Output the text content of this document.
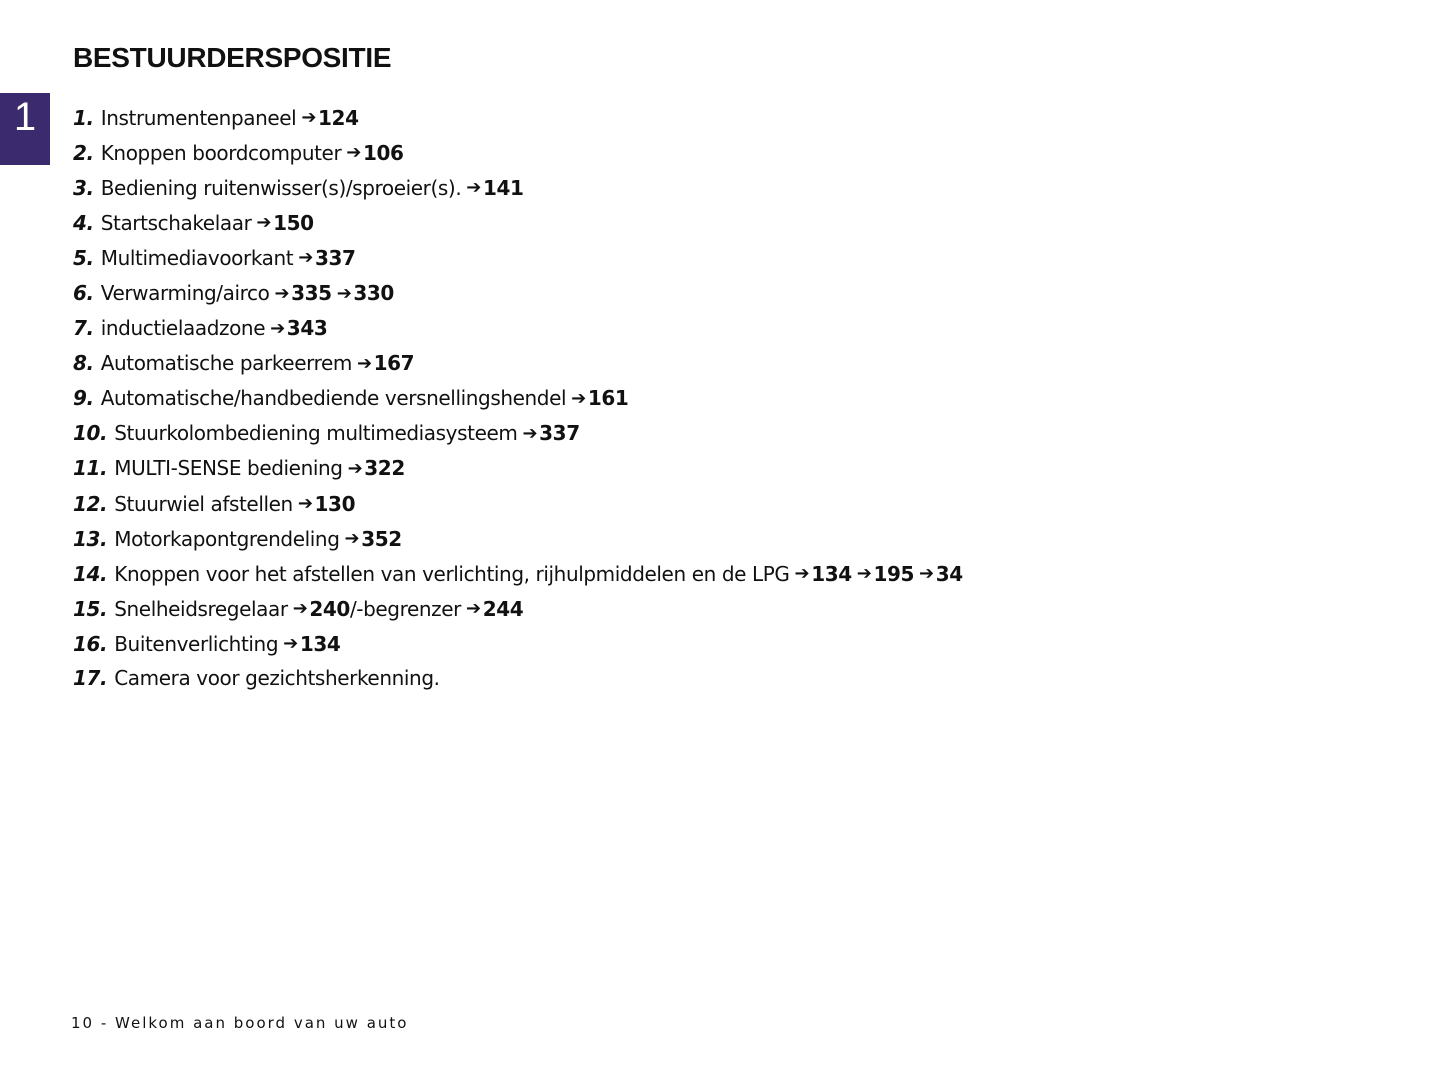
1
BESTUURDERSPOSITIE
1. Instrumentenpaneel ➔ 124
2. Knoppen boordcomputer ➔ 106
3. Bediening ruitenwisser(s)/sproeier(s). ➔ 141
4. Startschakelaar ➔ 150
5. Multimediavoorkant ➔ 337
6. Verwarming/airco ➔ 335 ➔ 330
7. inductielaadzone ➔ 343
8. Automatische parkeerrem ➔ 167
9. Automatische/handbediende versnellingshendel ➔ 161
10. Stuurkolombediening multimediasysteem ➔ 337
11. MULTI-SENSE bediening ➔ 322
12. Stuurwiel afstellen ➔ 130
13. Motorkapontgrendeling ➔ 352
14. Knoppen voor het afstellen van verlichting, rijhulpmiddelen en de LPG ➔ 134 ➔ 195 ➔ 34
15. Snelheidsregelaar ➔ 240 /-begrenzer ➔ 244
16. Buitenverlichting ➔ 134
17. Camera voor gezichtsherkenning.
10 - Welkom aan boord van uw auto
